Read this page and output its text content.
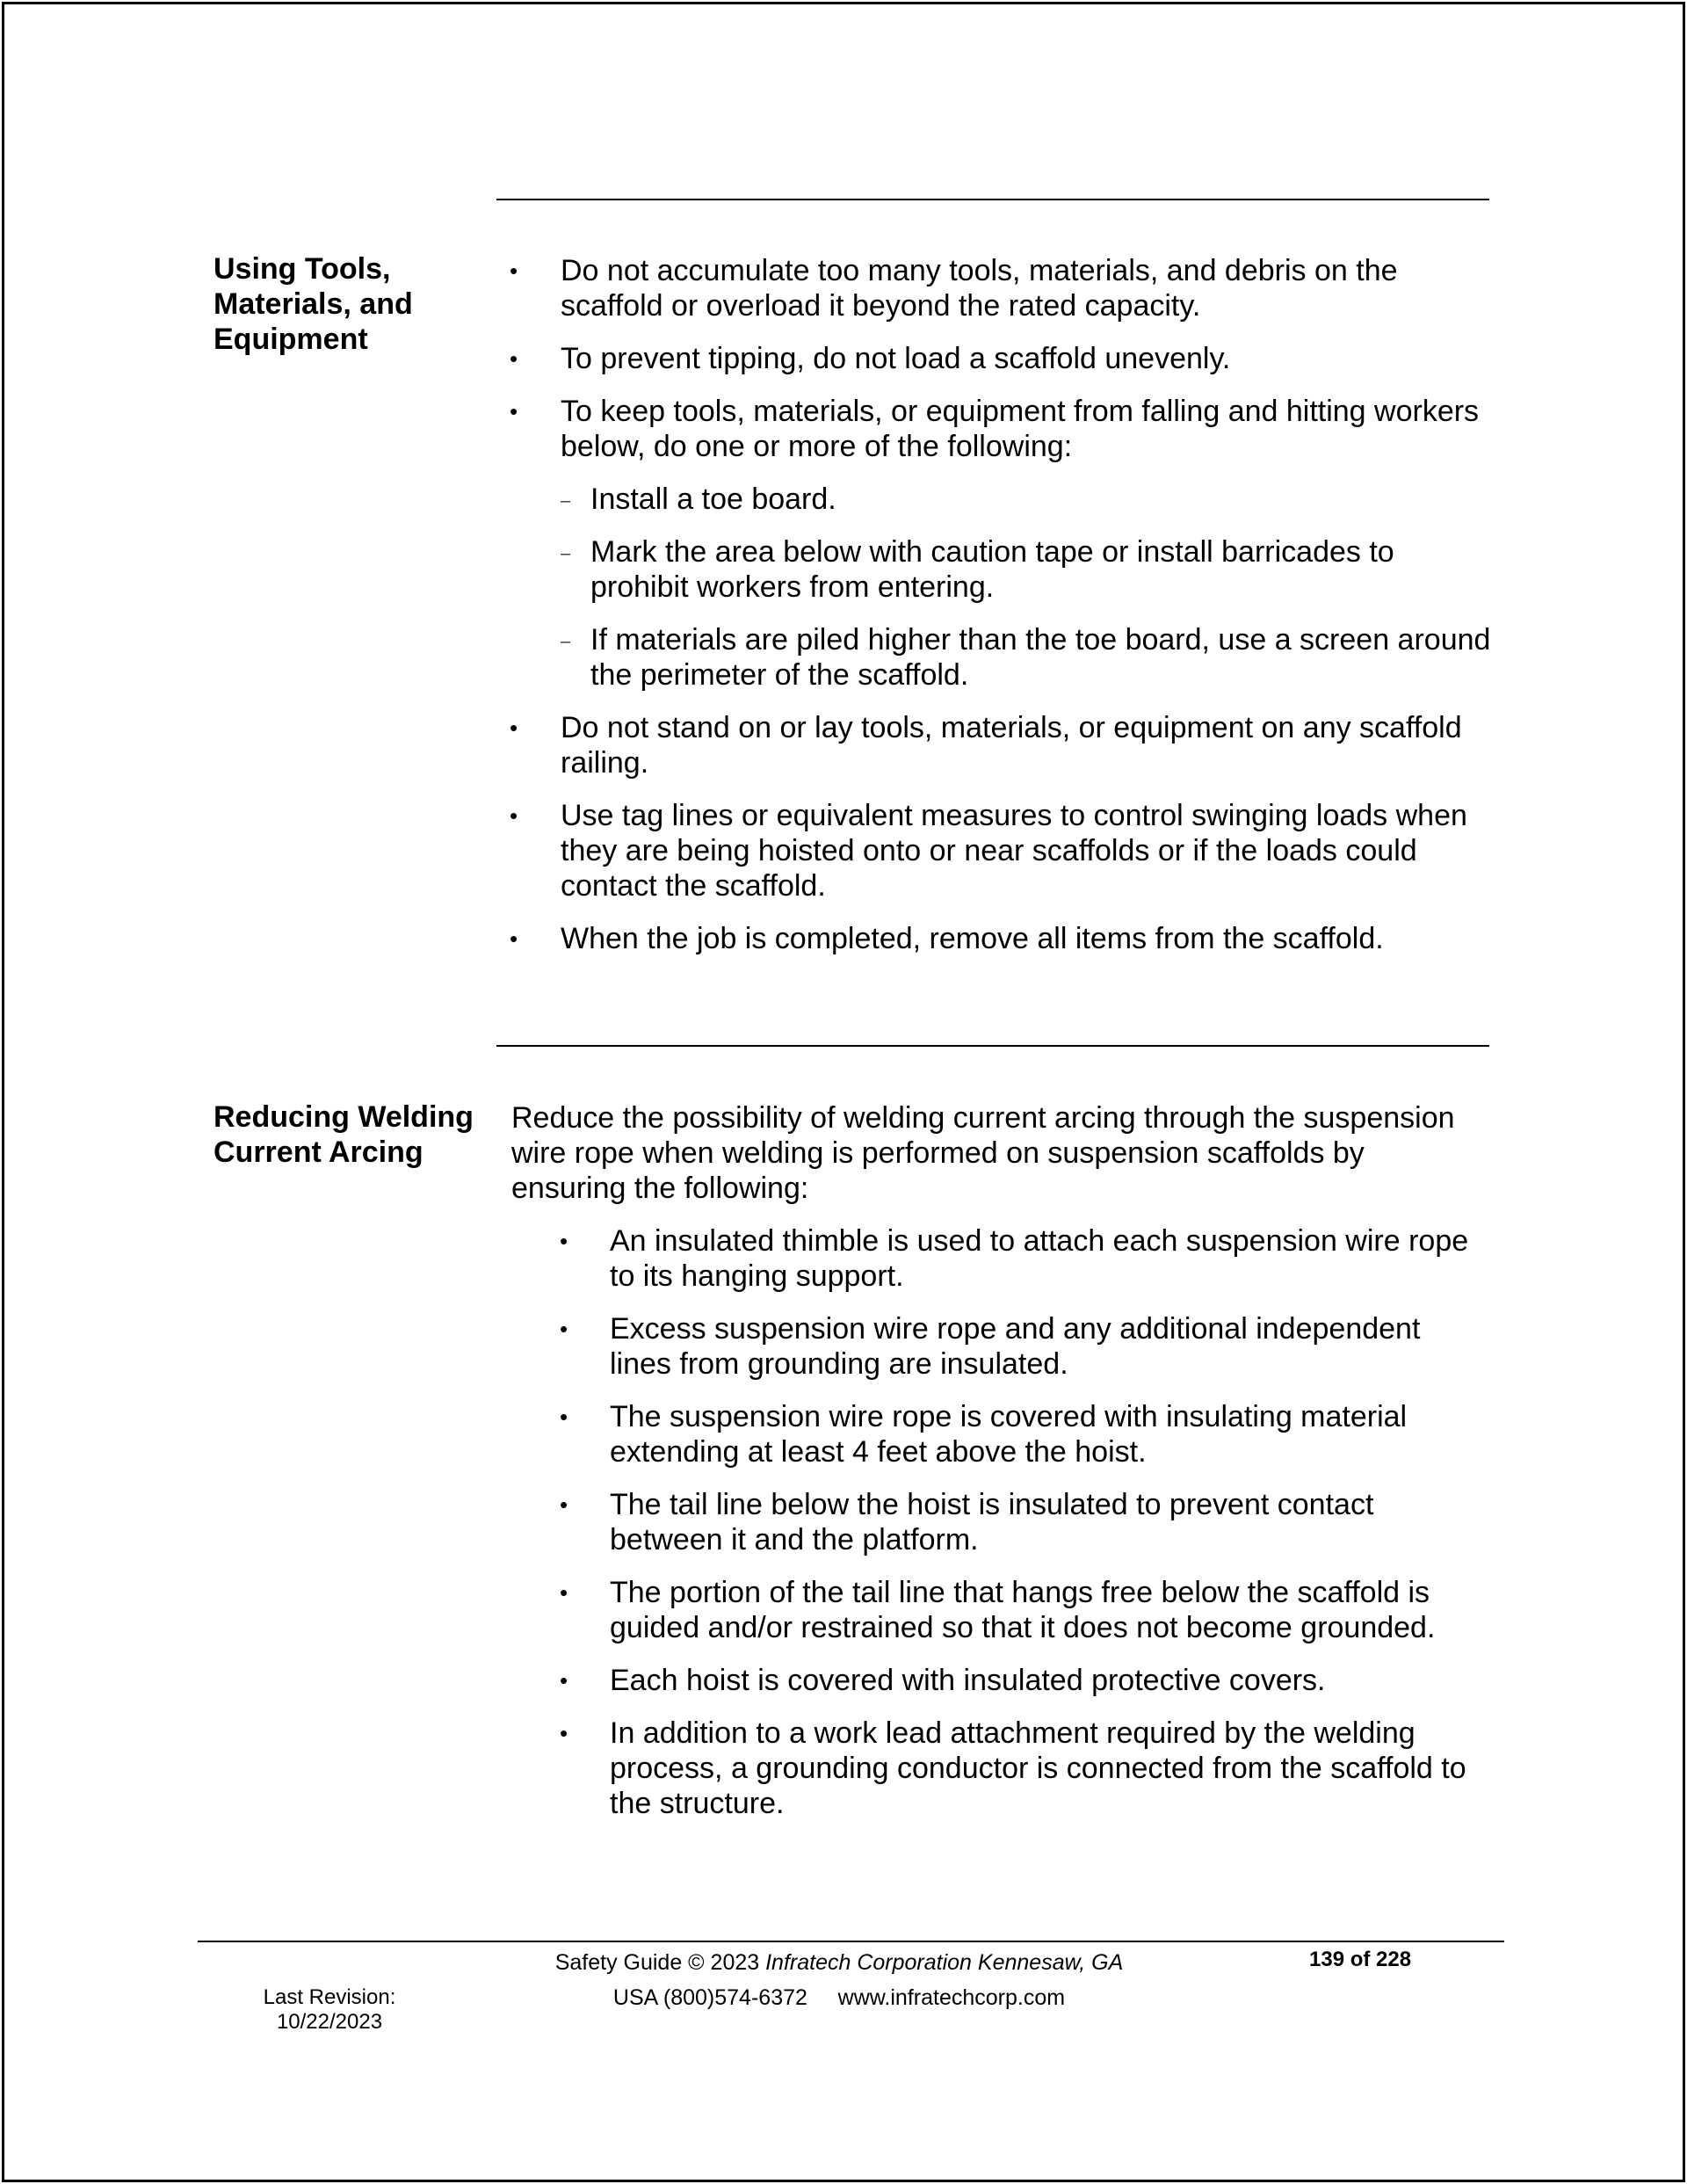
Using Tools, Materials, and Equipment
•	Do not accumulate too many tools, materials, and debris on the scaffold or overload it beyond the rated capacity.
•	To prevent tipping, do not load a scaffold unevenly.
•	To keep tools, materials, or equipment from falling and hitting workers below, do one or more of the following:
– Install a toe board.
– Mark the area below with caution tape or install barricades to prohibit workers from entering.
– If materials are piled higher than the toe board, use a screen around the perimeter of the scaffold.
•	Do not stand on or lay tools, materials, or equipment on any scaffold railing.
•	Use tag lines or equivalent measures to control swinging loads when they are being hoisted onto or near scaffolds or if the loads could contact the scaffold.
•	When the job is completed, remove all items from the scaffold.
Reducing Welding Current Arcing

Reduce the possibility of welding current arcing through the suspension wire rope when welding is performed on suspension scaffolds by ensuring the following:

•	An insulated thimble is used to attach each suspension wire rope to its hanging support.
•	Excess suspension wire rope and any additional independent lines from grounding are insulated.
•	The suspension wire rope is covered with insulating material extending at least 4 feet above the hoist.
•	The tail line below the hoist is insulated to prevent contact between it and the platform.
•	The portion of the tail line that hangs free below the scaffold is guided and/or restrained so that it does not become grounded.
•	Each hoist is covered with insulated protective covers.
•	In addition to a work lead attachment required by the welding process, a grounding conductor is connected from the scaffold to the structure.
Safety Guide © 2023 Infratech Corporation Kennesaw, GA
USA (800)574-6372     www.infratechcorp.com
139 of 228
Last Revision:
10/22/2023
